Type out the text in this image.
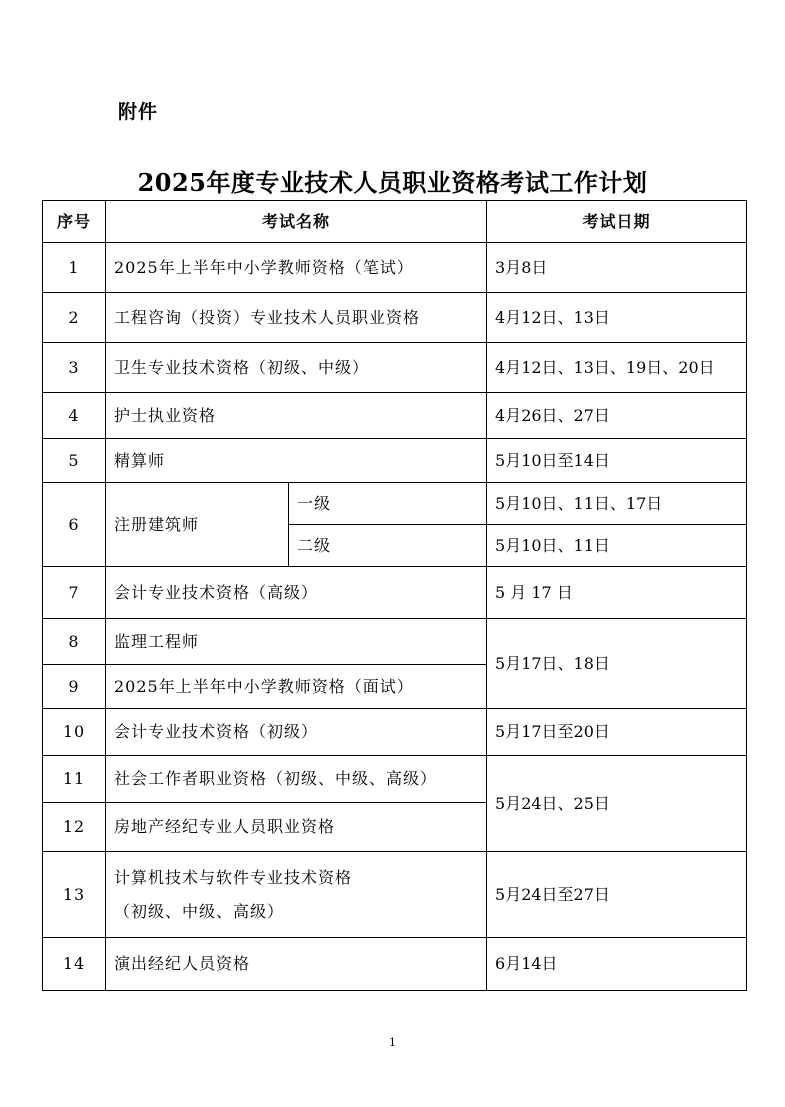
附件
2025年度专业技术人员职业资格考试工作计划
序号	考试名称		考试日期
1	2025年上半年中小学教师资格（笔试）		3月8日
2	工程咨询（投资）专业技术人员职业资格		4月12日、13日
3	卫生专业技术资格（初级、中级）		4月12日、13日、19日、20日
4	护士执业资格		4月26日、27日
5	精算师		5月10日至14日
6	注册建筑师	一级	5月10日、11日、17日
		二级	5月10日、11日
7	会计专业技术资格（高级）		5 月 17 日
8	监理工程师		5月17日、18日
9	2025年上半年中小学教师资格（面试）		
10	会计专业技术资格（初级）		5月17日至20日
11	社会工作者职业资格（初级、中级、高级）		5月24日、25日
12	房地产经纪专业人员职业资格		
13	计算机技术与软件专业技术资格
（初级、中级、高级）		5月24日至27日
14	演出经纪人员资格		6月14日
1
